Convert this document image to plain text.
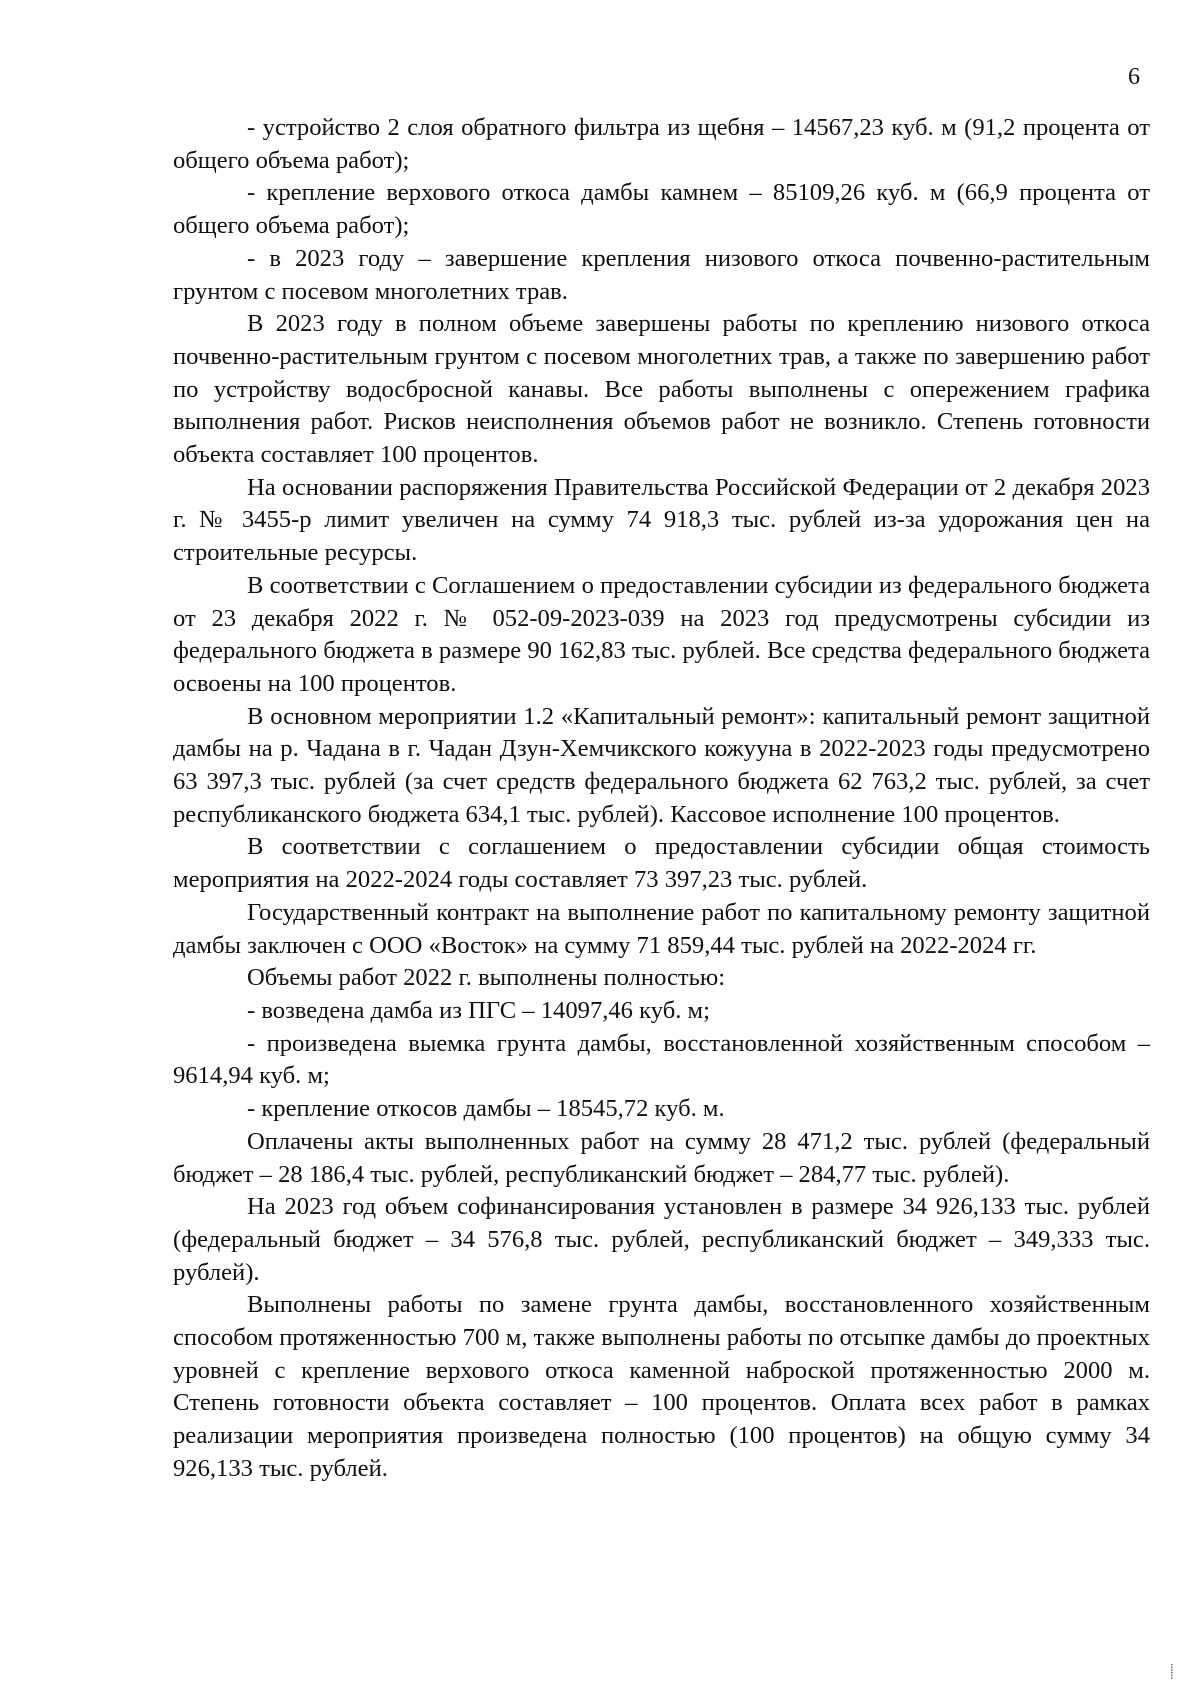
6

- устройство 2 слоя обратного фильтра из щебня – 14567,23 куб. м (91,2 процента от общего объема работ);

- крепление верхового откоса дамбы камнем – 85109,26 куб. м (66,9 процента от общего объема работ);

- в 2023 году – завершение крепления низового откоса почвенно-растительным грунтом с посевом многолетних трав.

В 2023 году в полном объеме завершены работы по креплению низового откоса почвенно-растительным грунтом с посевом многолетних трав, а также по завершению работ по устройству водосбросной канавы. Все работы выполнены с опережением графика выполнения работ. Рисков неисполнения объемов работ не возникло. Степень готовности объекта составляет 100 процентов.

На основании распоряжения Правительства Российской Федерации от 2 декабря 2023 г. № 3455-р лимит увеличен на сумму 74 918,3 тыс. рублей из-за удорожания цен на строительные ресурсы.

В соответствии с Соглашением о предоставлении субсидии из федерального бюджета от 23 декабря 2022 г. № 052-09-2023-039 на 2023 год предусмотрены субсидии из федерального бюджета в размере 90 162,83 тыс. рублей. Все средства федерального бюджета освоены на 100 процентов.

В основном мероприятии 1.2 «Капитальный ремонт»: капитальный ремонт защитной дамбы на р. Чадана в г. Чадан Дзун-Хемчикского кожууна в 2022-2023 годы предусмотрено 63 397,3 тыс. рублей (за счет средств федерального бюджета 62 763,2 тыс. рублей, за счет республиканского бюджета 634,1 тыс. рублей). Кассовое исполнение 100 процентов.

В соответствии с соглашением о предоставлении субсидии общая стоимость мероприятия на 2022-2024 годы составляет 73 397,23 тыс. рублей.

Государственный контракт на выполнение работ по капитальному ремонту защитной дамбы заключен с ООО «Восток» на сумму 71 859,44 тыс. рублей на 2022-2024 гг.

Объемы работ 2022 г. выполнены полностью:

- возведена дамба из ПГС – 14097,46 куб. м;

- произведена выемка грунта дамбы, восстановленной хозяйственным способом – 9614,94 куб. м;

- крепление откосов дамбы – 18545,72 куб. м.

Оплачены акты выполненных работ на сумму 28 471,2 тыс. рублей (федеральный бюджет – 28 186,4 тыс. рублей, республиканский бюджет – 284,77 тыс. рублей).

На 2023 год объем софинансирования установлен в размере 34 926,133 тыс. рублей (федеральный бюджет – 34 576,8 тыс. рублей, республиканский бюджет – 349,333 тыс. рублей).

Выполнены работы по замене грунта дамбы, восстановленного хозяйственным способом протяженностью 700 м, также выполнены работы по отсыпке дамбы до проектных уровней с крепление верхового откоса каменной наброской протяженностью 2000 м. Степень готовности объекта составляет – 100 процентов. Оплата всех работ в рамках реализации мероприятия произведена полностью (100 процентов) на общую сумму 34 926,133 тыс. рублей.

⸽
